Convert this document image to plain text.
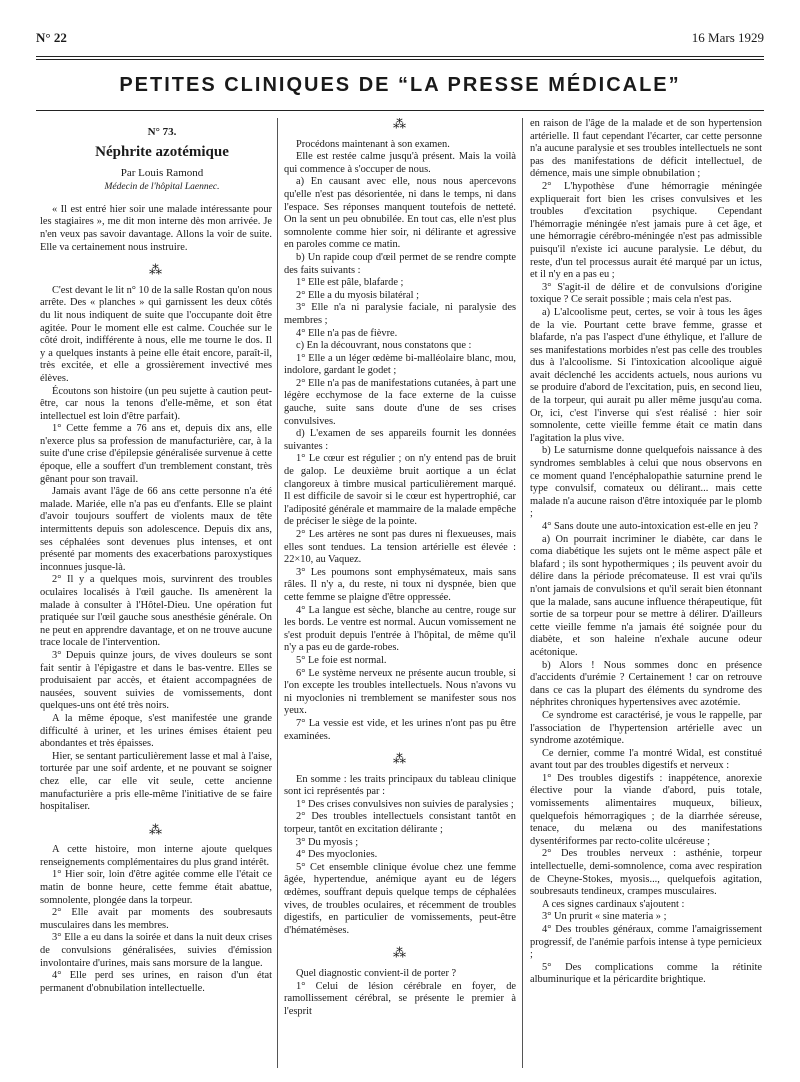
N° 22	16 Mars 1929
PETITES CLINIQUES DE “LA PRESSE MÉDICALE”

N° 73.

Néphrite azotémique

Par Louis Ramond

Médecin de l'hôpital Laennec.

« Il est entré hier soir une malade intéressante pour les stagiaires », me dit mon interne dès mon arrivée. Je n'en veux pas savoir davantage. Allons la voir de suite. Elle va certainement nous instruire.

⁂

C'est devant le lit n° 10 de la salle Rostan qu'on nous arrête. Des « planches » qui garnissent les deux côtés du lit nous indiquent de suite que l'occupante doit être agitée. Pour le moment elle est calme. Couchée sur le côté droit, indifférente à nous, elle me tourne le dos. Il y a quelques instants à peine elle était encore, paraît-il, très excitée, et elle a grossièrement invectivé mes élèves.

Écoutons son histoire (un peu sujette à caution peut-être, car nous la tenons d'elle-même, et son état intellectuel est loin d'être parfait).

1° Cette femme a 76 ans et, depuis dix ans, elle n'exerce plus sa profession de manufacturière, car, à la suite d'une crise d'épilepsie généralisée survenue à cette époque, elle a souffert d'un tremblement constant, très gênant pour son travail.

Jamais avant l'âge de 66 ans cette personne n'a été malade. Mariée, elle n'a pas eu d'enfants. Elle se plaint d'avoir toujours souffert de violents maux de tête intermittents depuis son adolescence. Depuis dix ans, ses céphalées sont devenues plus intenses, et ont présenté par moments des exacerbations paroxystiques inconnues jusque-là.

2° Il y a quelques mois, survinrent des troubles oculaires localisés à l'œil gauche. Ils amenèrent la malade à consulter à l'Hôtel-Dieu. Une opération fut pratiquée sur l'œil gauche sous anesthésie générale. On ne peut en apprendre davantage, et on ne trouve aucune trace locale de l'intervention.

3° Depuis quinze jours, de vives douleurs se sont fait sentir à l'épigastre et dans le bas-ventre. Elles se produisaient par accès, et étaient accompagnées de nausées, souvent suivies de vomissements, dont quelques-uns ont été très noirs.

A la même époque, s'est manifestée une grande difficulté à uriner, et les urines émises étaient peu abondantes et très épaisses.

Hier, se sentant particulièrement lasse et mal à l'aise, torturée par une soif ardente, et ne pouvant se soigner chez elle, car elle vit seule, cette ancienne manufacturière a pris elle-même l'initiative de se faire hospitaliser.

⁂

A cette histoire, mon interne ajoute quelques renseignements complémentaires du plus grand intérêt.

1° Hier soir, loin d'être agitée comme elle l'était ce matin de bonne heure, cette femme était abattue, somnolente, plongée dans la torpeur.

2° Elle avait par moments des soubresauts musculaires dans les membres.

3° Elle a eu dans la soirée et dans la nuit deux crises de convulsions généralisées, suivies d'émission involontaire d'urines, mais sans morsure de la langue.

4° Elle perd ses urines, en raison d'un état permanent d'obnubilation intellectuelle.

⁂

Procédons maintenant à son examen.

Elle est restée calme jusqu'à présent. Mais la voilà qui commence à s'occuper de nous.

a) En causant avec elle, nous nous apercevons qu'elle n'est pas désorientée, ni dans le temps, ni dans l'espace. Ses réponses manquent toutefois de netteté. On la sent un peu obnubilée. En tout cas, elle n'est plus somnolente comme hier soir, ni délirante et agressive en paroles comme ce matin.

b) Un rapide coup d'œil permet de se rendre compte des faits suivants :

1° Elle est pâle, blafarde ;

2° Elle a du myosis bilatéral ;

3° Elle n'a ni paralysie faciale, ni paralysie des membres ;

4° Elle n'a pas de fièvre.

c) En la découvrant, nous constatons que :

1° Elle a un léger œdème bi-malléolaire blanc, mou, indolore, gardant le godet ;

2° Elle n'a pas de manifestations cutanées, à part une légère ecchymose de la face externe de la cuisse gauche, suite sans doute d'une de ses crises convulsives.

d) L'examen de ses appareils fournit les données suivantes :

1° Le cœur est régulier ; on n'y entend pas de bruit de galop. Le deuxième bruit aortique a un éclat clangoreux à timbre musical particulièrement marqué. Il est difficile de savoir si le cœur est hypertrophié, car l'adiposité générale et mammaire de la malade empêche de préciser le siège de la pointe.

2° Les artères ne sont pas dures ni flexueuses, mais elles sont tendues. La tension artérielle est élevée : 22×10, au Vaquez.

3° Les poumons sont emphysémateux, mais sans râles. Il n'y a, du reste, ni toux ni dyspnée, bien que cette femme se plaigne d'être oppressée.

4° La langue est sèche, blanche au centre, rouge sur les bords. Le ventre est normal. Aucun vomissement ne s'est produit depuis l'entrée à l'hôpital, de même qu'il n'y a pas eu de garde-robes.

5° Le foie est normal.

6° Le système nerveux ne présente aucun trouble, si l'on excepte les troubles intellectuels. Nous n'avons vu ni myoclonies ni tremblement se manifester sous nos yeux.

7° La vessie est vide, et les urines n'ont pas pu être examinées.

⁂

En somme : les traits principaux du tableau clinique sont ici représentés par :

1° Des crises convulsives non suivies de paralysies ;

2° Des troubles intellectuels consistant tantôt en torpeur, tantôt en excitation délirante ;

3° Du myosis ;

4° Des myoclonies.

5° Cet ensemble clinique évolue chez une femme âgée, hypertendue, anémique ayant eu de légers œdèmes, souffrant depuis quelque temps de céphalées vives, de troubles oculaires, et récemment de troubles digestifs, en particulier de vomissements, peut-être d'hématémèses.

⁂

Quel diagnostic convient-il de porter ?

1° Celui de lésion cérébrale en foyer, de ramollissement cérébral, se présente le premier à l'esprit

en raison de l'âge de la malade et de son hypertension artérielle. Il faut cependant l'écarter, car cette personne n'a aucune paralysie et ses troubles intellectuels ne sont pas des manifestations de déficit intellectuel, de démence, mais une simple obnubilation ;

2° L'hypothèse d'une hémorragie méningée expliquerait fort bien les crises convulsives et les troubles d'excitation psychique. Cependant l'hémorragie méningée n'est jamais pure à cet âge, et une hémorragie cérébro-méningée n'est pas admissible puisqu'il n'existe ici aucune paralysie. Le début, du reste, d'un tel processus aurait été marqué par un ictus, et il n'y en a pas eu ;

3° S'agit-il de délire et de convulsions d'origine toxique ? Ce serait possible ; mais cela n'est pas.

a) L'alcoolisme peut, certes, se voir à tous les âges de la vie. Pourtant cette brave femme, grasse et blafarde, n'a pas l'aspect d'une éthylique, et l'allure de ses manifestations morbides n'est pas celle des troubles dus à l'alcoolisme. Si l'intoxication alcoolique aiguë avait déclenché les accidents actuels, nous aurions vu se produire d'abord de l'excitation, puis, en second lieu, de la torpeur, qui aurait pu aller même jusqu'au coma. Or, ici, c'est l'inverse qui s'est réalisé : hier soir somnolente, cette vieille femme était ce matin dans l'agitation la plus vive.

b) Le saturnisme donne quelquefois naissance à des syndromes semblables à celui que nous observons en ce moment quand l'encéphalopathie saturnine prend le type convulsif, comateux ou délirant... mais cette malade n'a aucune raison d'être intoxiquée par le plomb ;

4° Sans doute une auto-intoxication est-elle en jeu ?

a) On pourrait incriminer le diabète, car dans le coma diabétique les sujets ont le même aspect pâle et blafard ; ils sont hypothermiques ; ils peuvent avoir du délire dans la période précomateuse. Il est vrai qu'ils n'ont jamais de convulsions et qu'il serait bien étonnant que la malade, sans aucune influence thérapeutique, fût sortie de sa torpeur pour se mettre à délirer. D'ailleurs cette vieille femme n'a jamais été soignée pour du diabète, et son haleine n'exhale aucune odeur acétonique.

b) Alors ! Nous sommes donc en présence d'accidents d'urémie ? Certainement ! car on retrouve dans ce cas la plupart des éléments du syndrome des néphrites chroniques hypertensives avec azotémie.

Ce syndrome est caractérisé, je vous le rappelle, par l'association de l'hypertension artérielle avec un syndrome azotémique.

Ce dernier, comme l'a montré Widal, est constitué avant tout par des troubles digestifs et nerveux :

1° Des troubles digestifs : inappétence, anorexie élective pour la viande d'abord, puis totale, vomissements alimentaires muqueux, bilieux, quelquefois hémorragiques ; de la diarrhée séreuse, tenace, du melæna ou des manifestations dysentériformes par recto-colite ulcéreuse ;

2° Des troubles nerveux : asthénie, torpeur intellectuelle, demi-somnolence, coma avec respiration de Cheyne-Stokes, myosis..., quelquefois agitation, soubresauts tendineux, crampes musculaires.

A ces signes cardinaux s'ajoutent :

3° Un prurit « sine materia » ;

4° Des troubles généraux, comme l'amaigrissement progressif, de l'anémie parfois intense à type pernicieux ;

5° Des complications comme la rétinite albuminurique et la péricardite brightique.
